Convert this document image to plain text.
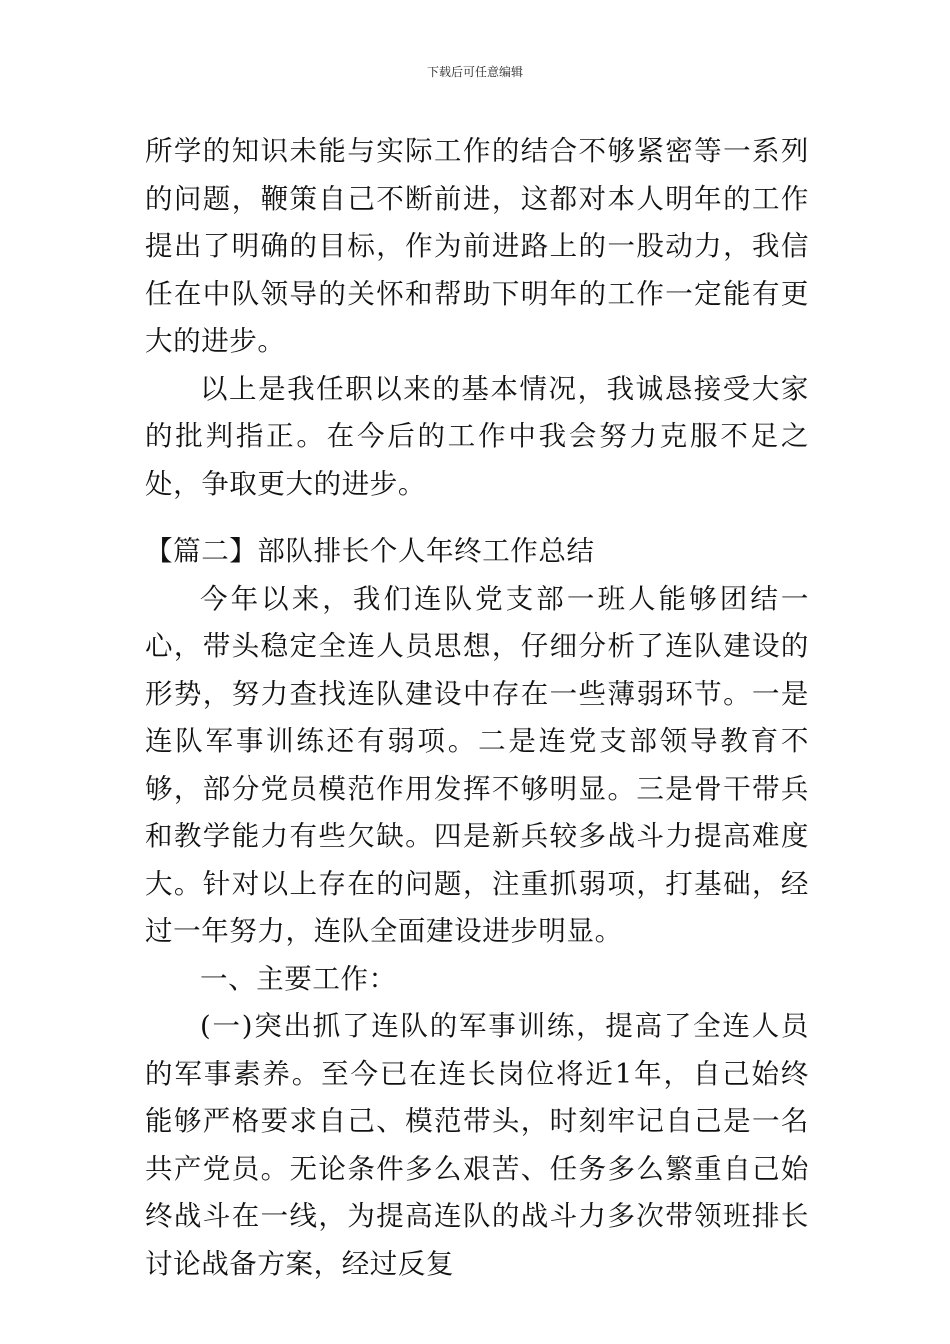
下载后可任意编辑

所学的知识未能与实际工作的结合不够紧密等一系列的问题，鞭策自己不断前进，这都对本人明年的工作提出了明确的目标，作为前进路上的一股动力，我信任在中队领导的关怀和帮助下明年的工作一定能有更大的进步。

以上是我任职以来的基本情况，我诚恳接受大家的批判指正。在今后的工作中我会努力克服不足之处，争取更大的进步。

【篇二】部队排长个人年终工作总结

今年以来，我们连队党支部一班人能够团结一心，带头稳定全连人员思想，仔细分析了连队建设的形势，努力查找连队建设中存在一些薄弱环节。一是连队军事训练还有弱项。二是连党支部领导教育不够，部分党员模范作用发挥不够明显。三是骨干带兵和教学能力有些欠缺。四是新兵较多战斗力提高难度大。针对以上存在的问题，注重抓弱项，打基础，经过一年努力，连队全面建设进步明显。

一、主要工作：

(一)突出抓了连队的军事训练，提高了全连人员的军事素养。至今已在连长岗位将近1年，自己始终能够严格要求自己、模范带头，时刻牢记自己是一名共产党员。无论条件多么艰苦、任务多么繁重自己始终战斗在一线，为提高连队的战斗力多次带领班排长讨论战备方案，经过反复
